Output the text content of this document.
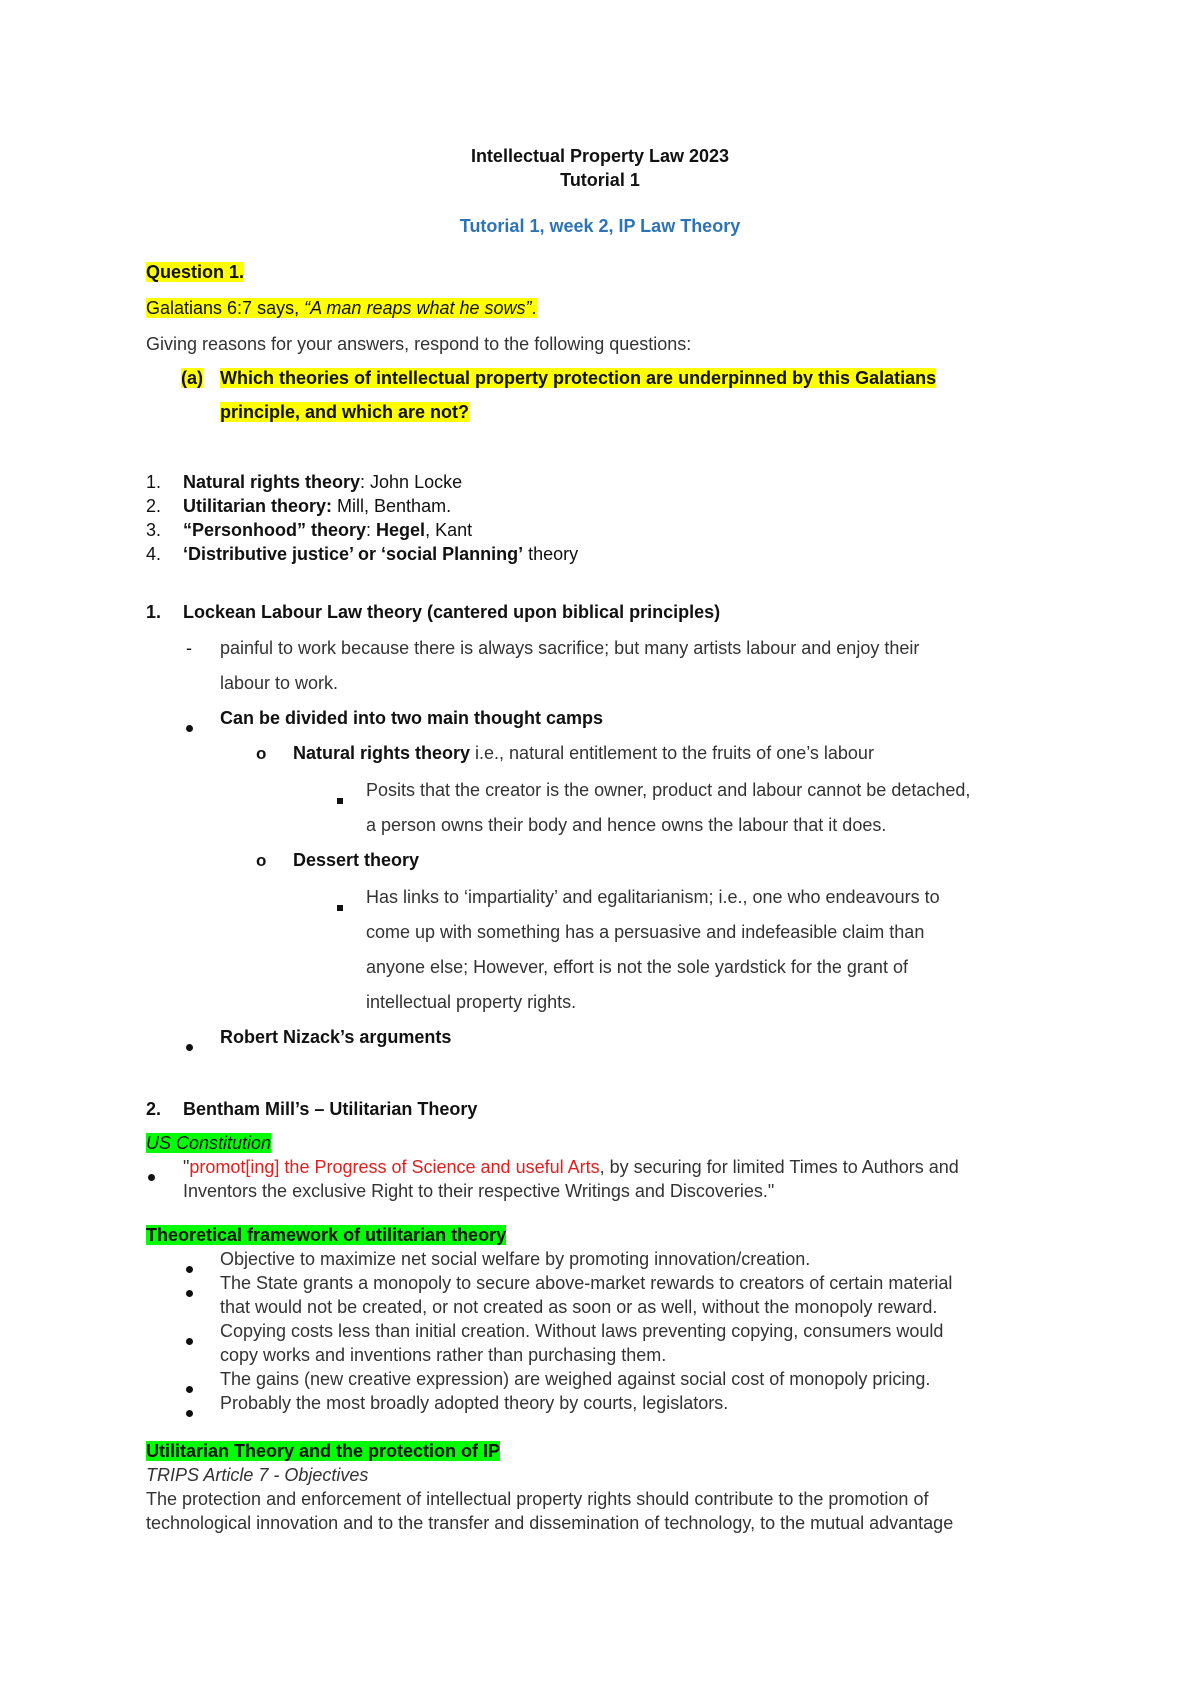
Intellectual Property Law 2023
Tutorial 1
Tutorial 1, week 2, IP Law Theory
Question 1.
Galatians 6:7 says, “A man reaps what he sows”.
Giving reasons for your answers, respond to the following questions:
(a) Which theories of intellectual property protection are underpinned by this Galatians
principle, and which are not?
1. Natural rights theory: John Locke
2. Utilitarian theory: Mill, Bentham.
3. “Personhood” theory: Hegel, Kant
4. ‘Distributive justice’ or ‘social Planning’ theory
1. Lockean Labour Law theory (cantered upon biblical principles)
- painful to work because there is always sacrifice; but many artists labour and enjoy their
labour to work.
Can be divided into two main thought camps
o Natural rights theory i.e., natural entitlement to the fruits of one’s labour
Posits that the creator is the owner, product and labour cannot be detached,
a person owns their body and hence owns the labour that it does.
o Dessert theory
Has links to ‘impartiality’ and egalitarianism; i.e., one who endeavours to
come up with something has a persuasive and indefeasible claim than
anyone else; However, effort is not the sole yardstick for the grant of
intellectual property rights.
Robert Nizack’s arguments
2. Bentham Mill’s – Utilitarian Theory
US Constitution
"promot[ing] the Progress of Science and useful Arts, by securing for limited Times to Authors and
Inventors the exclusive Right to their respective Writings and Discoveries."
Theoretical framework of utilitarian theory
Objective to maximize net social welfare by promoting innovation/creation.
The State grants a monopoly to secure above-market rewards to creators of certain material
that would not be created, or not created as soon or as well, without the monopoly reward.
Copying costs less than initial creation. Without laws preventing copying, consumers would
copy works and inventions rather than purchasing them.
The gains (new creative expression) are weighed against social cost of monopoly pricing.
Probably the most broadly adopted theory by courts, legislators.
Utilitarian Theory and the protection of IP
TRIPS Article 7 - Objectives
The protection and enforcement of intellectual property rights should contribute to the promotion of
technological innovation and to the transfer and dissemination of technology, to the mutual advantage
